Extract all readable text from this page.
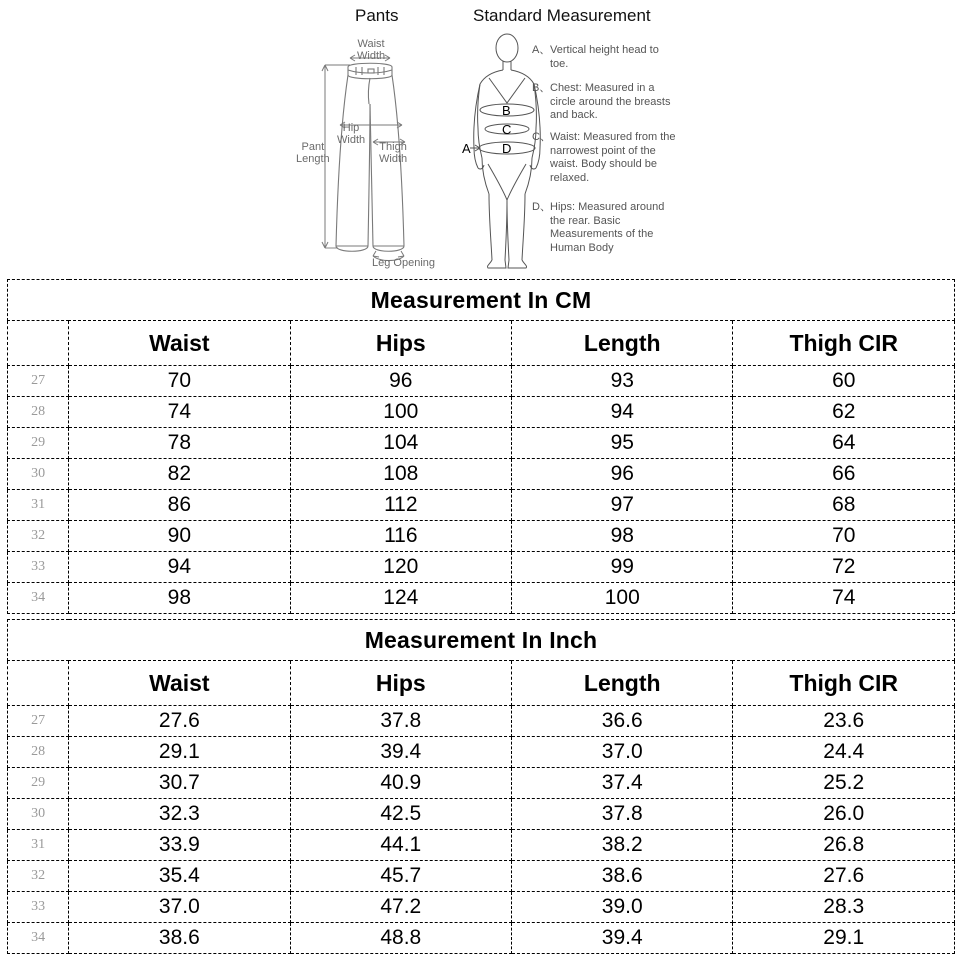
Pants	Standard Measurement
Waist
Width
Hip
Width
Thigh
Width
Pant
Length
Leg Opening
B
C
D
A
A、 Vertical height head to toe.
B、 Chest: Measured in a circle around the breasts and back.
C、 Waist: Measured from the narrowest point of the waist. Body should be relaxed.
D、 Hips: Measured around the rear. Basic Measurements of the Human Body
Measurement In CM				
	Waist	Hips	Length	Thigh CIR
27	70	96	93	60
28	74	100	94	62
29	78	104	95	64
30	82	108	96	66
31	86	112	97	68
32	90	116	98	70
33	94	120	99	72
34	98	124	100	74
Measurement In Inch				
	Waist	Hips	Length	Thigh CIR
27	27.6	37.8	36.6	23.6
28	29.1	39.4	37.0	24.4
29	30.7	40.9	37.4	25.2
30	32.3	42.5	37.8	26.0
31	33.9	44.1	38.2	26.8
32	35.4	45.7	38.6	27.6
33	37.0	47.2	39.0	28.3
34	38.6	48.8	39.4	29.1
